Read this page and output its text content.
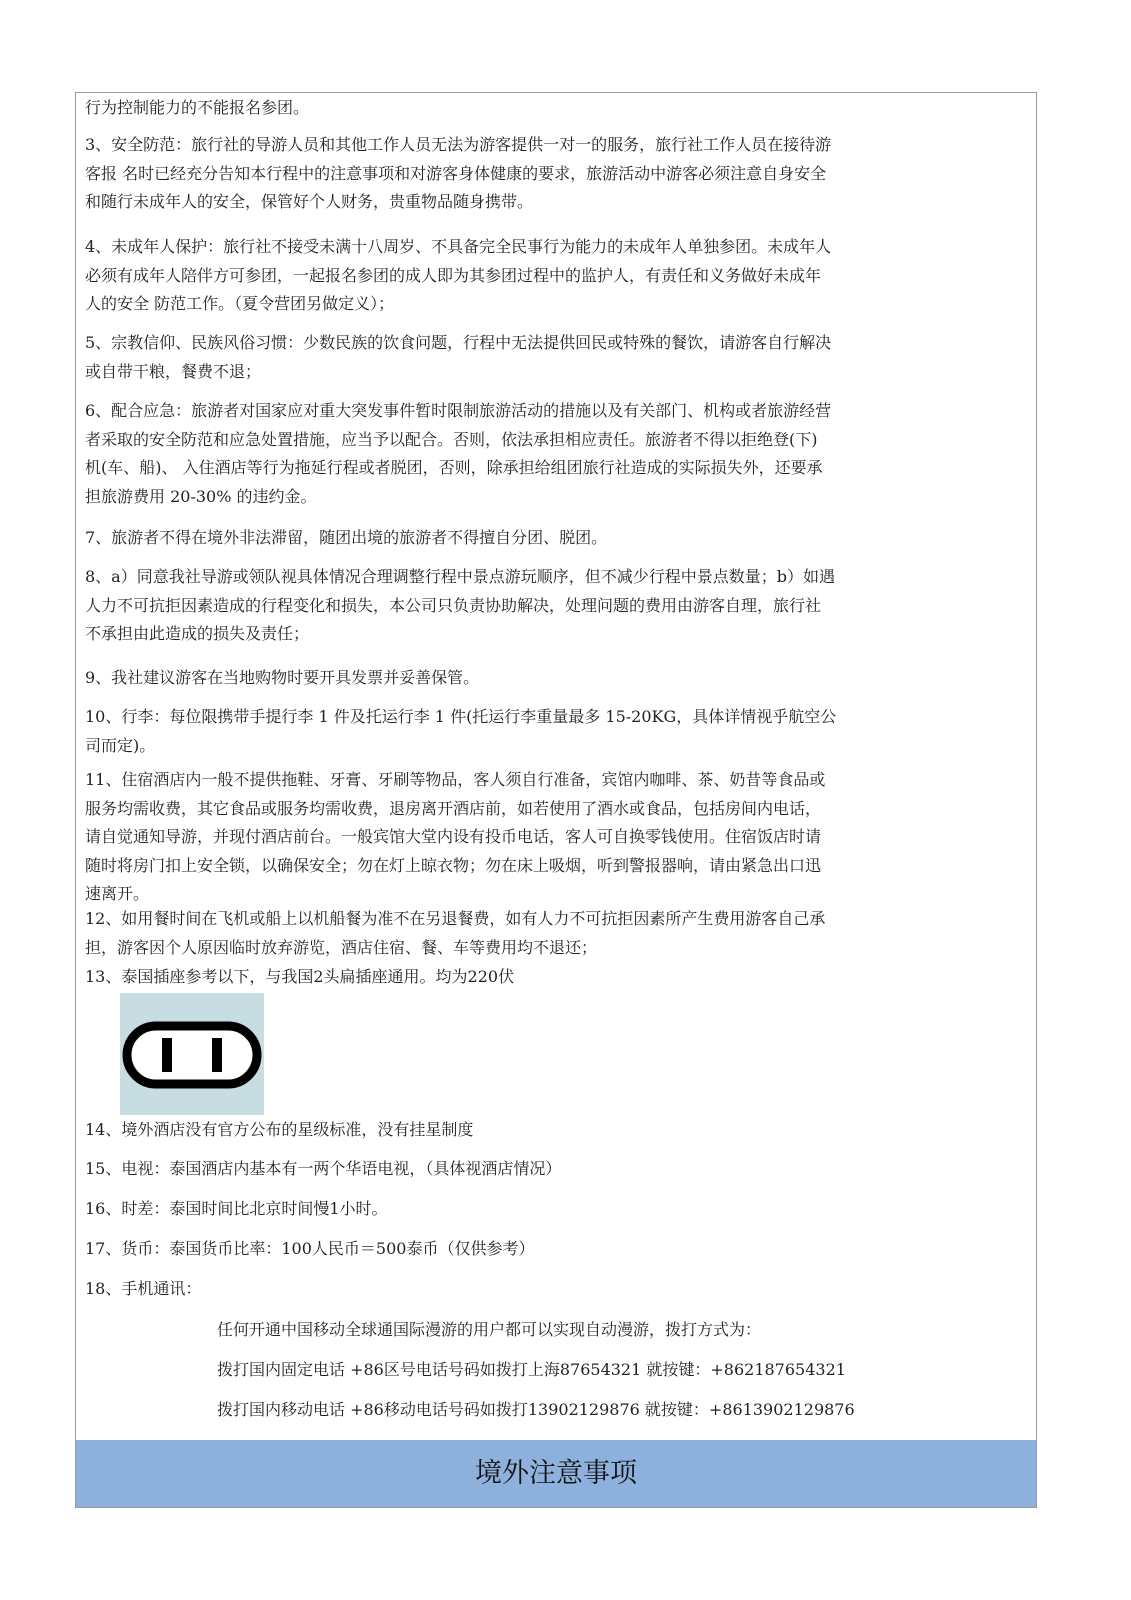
行为控制能力的不能报名参团。
3、安全防范：旅行社的导游人员和其他工作人员无法为游客提供一对一的服务，旅行社工作人员在接待游
客报 名时已经充分告知本行程中的注意事项和对游客身体健康的要求，旅游活动中游客必须注意自身安全
和随行未成年人的安全，保管好个人财务，贵重物品随身携带。
4、未成年人保护：旅行社不接受未满十八周岁、不具备完全民事行为能力的未成年人单独参团。未成年人
必须有成年人陪伴方可参团，一起报名参团的成人即为其参团过程中的监护人，有责任和义务做好未成年
人的安全 防范工作。（夏令营团另做定义）；
5、宗教信仰、民族风俗习惯：少数民族的饮食问题，行程中无法提供回民或特殊的餐饮，请游客自行解决
或自带干粮，餐费不退；
6、配合应急：旅游者对国家应对重大突发事件暂时限制旅游活动的措施以及有关部门、机构或者旅游经营
者采取的安全防范和应急处置措施，应当予以配合。否则，依法承担相应责任。旅游者不得以拒绝登(下)
机(车、船)、 入住酒店等行为拖延行程或者脱团，否则，除承担给组团旅行社造成的实际损失外，还要承
担旅游费用 20-30% 的违约金。
7、旅游者不得在境外非法滞留，随团出境的旅游者不得擅自分团、脱团。
8、a）同意我社导游或领队视具体情况合理调整行程中景点游玩顺序，但不减少行程中景点数量；b）如遇
人力不可抗拒因素造成的行程变化和损失，本公司只负责协助解决，处理问题的费用由游客自理，旅行社
不承担由此造成的损失及责任；
9、我社建议游客在当地购物时要开具发票并妥善保管。
10、行李：每位限携带手提行李 1 件及托运行李 1 件(托运行李重量最多 15-20KG，具体详情视乎航空公
司而定)。
11、住宿酒店内一般不提供拖鞋、牙膏、牙刷等物品，客人须自行准备，宾馆内咖啡、茶、奶昔等食品或
服务均需收费，其它食品或服务均需收费，退房离开酒店前，如若使用了酒水或食品，包括房间内电话，
请自觉通知导游，并现付酒店前台。一般宾馆大堂内设有投币电话，客人可自换零钱使用。住宿饭店时请
随时将房门扣上安全锁，以确保安全；勿在灯上晾衣物；勿在床上吸烟，听到警报器响，请由紧急出口迅
速离开。
12、如用餐时间在飞机或船上以机船餐为准不在另退餐费，如有人力不可抗拒因素所产生费用游客自己承
担，游客因个人原因临时放弃游览，酒店住宿、餐、车等费用均不退还；
13、泰国插座参考以下，与我国2头扁插座通用。均为220伏
14、境外酒店没有官方公布的星级标准，没有挂星制度
15、电视：泰国酒店内基本有一两个华语电视，（具体视酒店情况）
16、时差：泰国时间比北京时间慢1小时。
17、货币：泰国货币比率：100人民币＝500泰币（仅供参考）
18、手机通讯：
任何开通中国移动全球通国际漫游的用户都可以实现自动漫游，拨打方式为：
拨打国内固定电话 +86区号电话号码如拨打上海87654321 就按键：+862187654321
拨打国内移动电话 +86移动电话号码如拨打13902129876 就按键：+8613902129876
境外注意事项
